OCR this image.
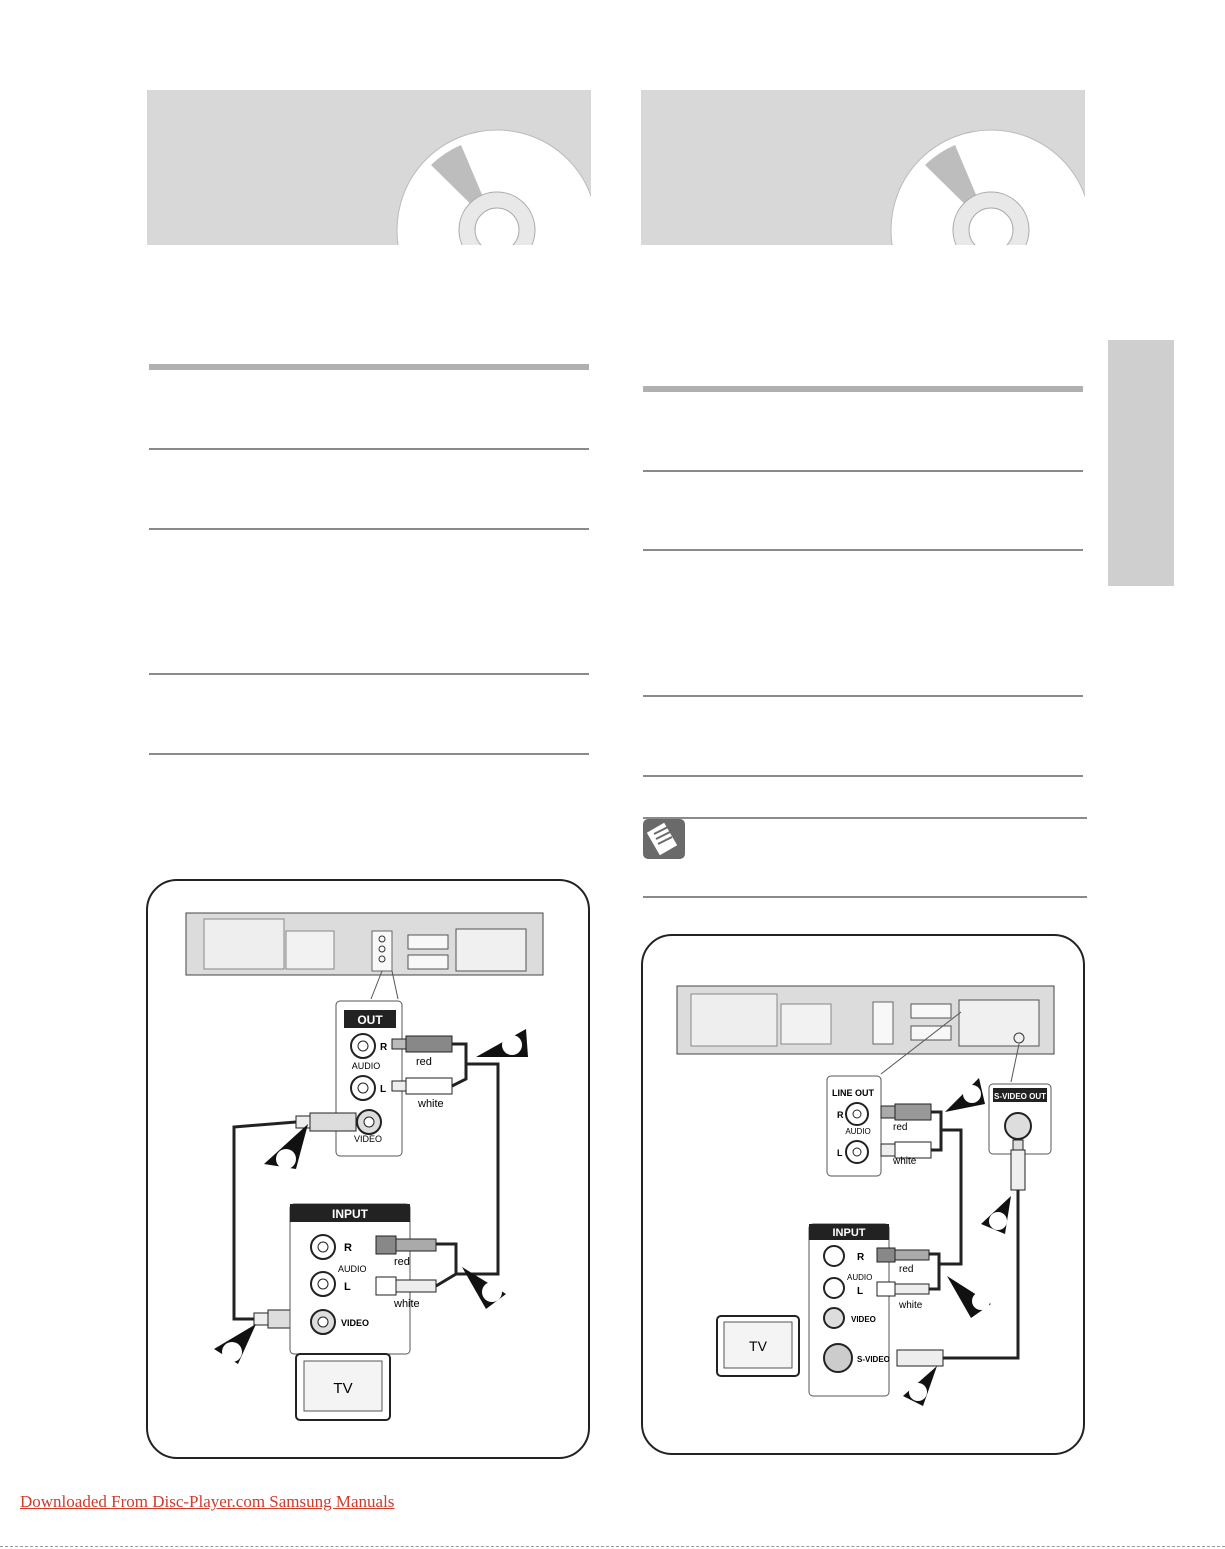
OUT
R
AUDIO
L
VIDEO
red
white
INPUT
R
AUDIO
L
VIDEO
red
white
TV
LINE OUT
R
AUDIO
L
S-VIDEO OUT
red
white
INPUT
R
AUDIO
L
VIDEO
S-VIDEO
red
white
TV
Downloaded From Disc-Player.com Samsung Manuals
